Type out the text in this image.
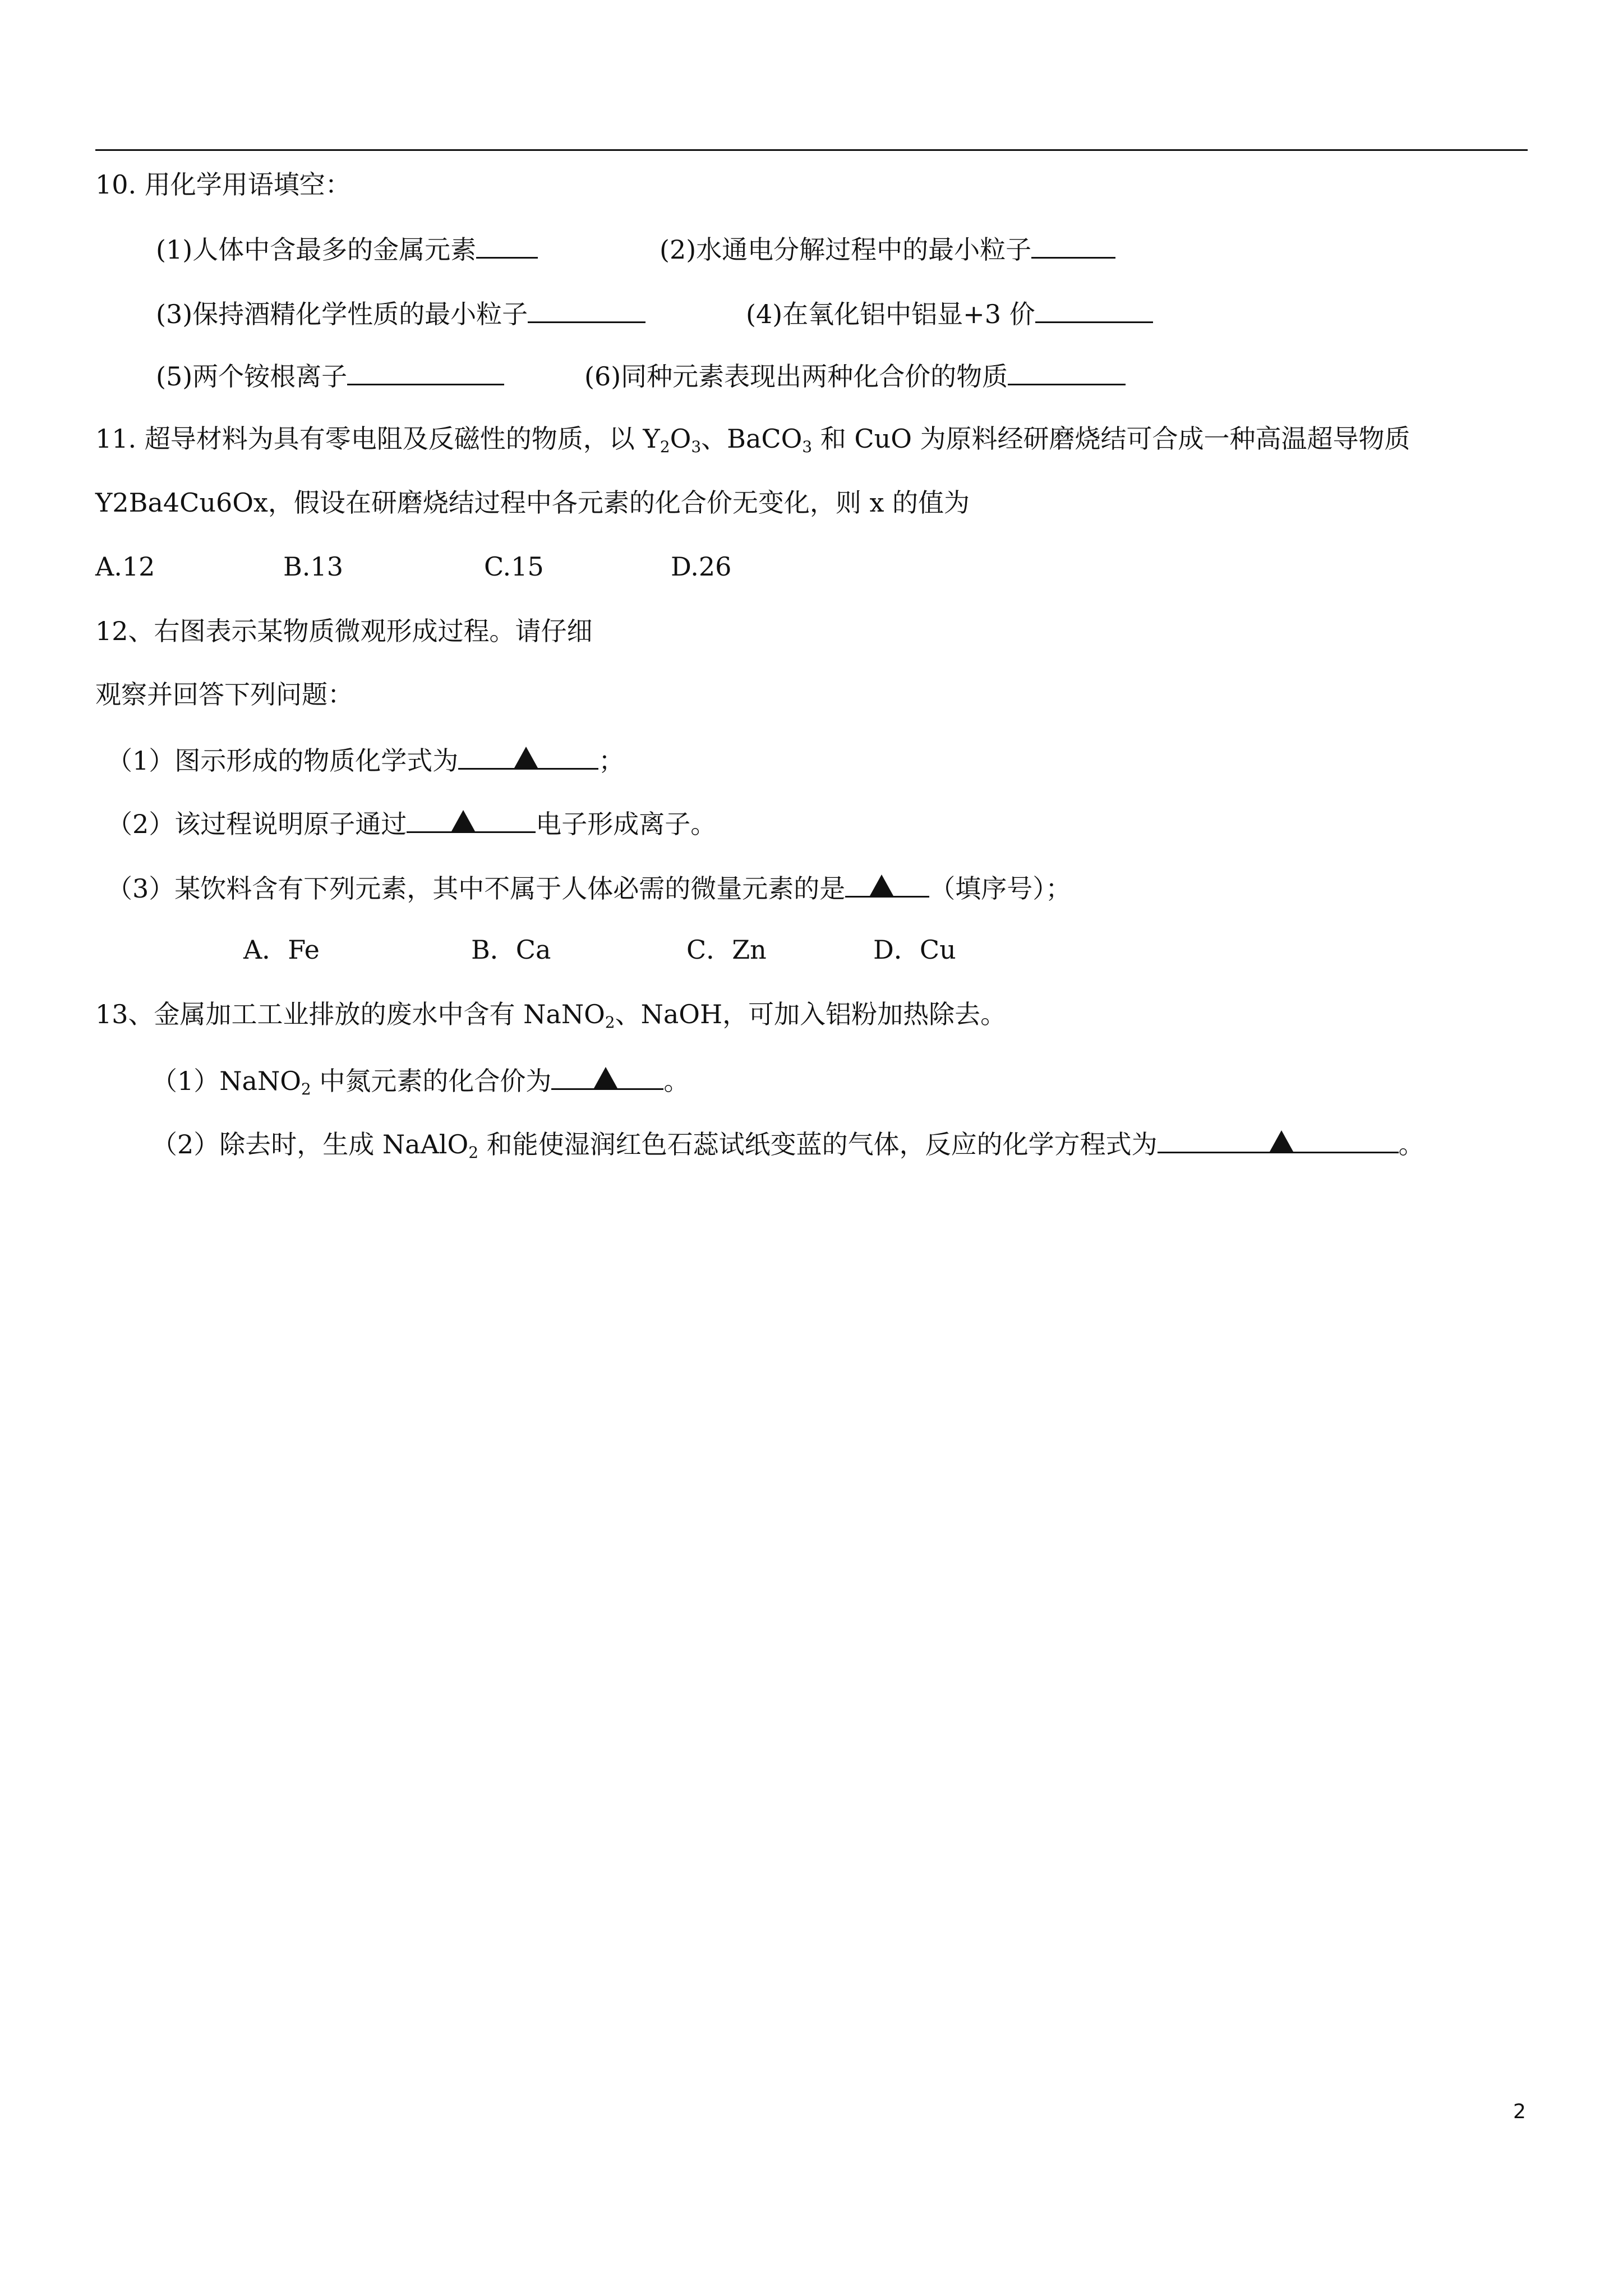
10. 用化学用语填空：
(1)人体中含最多的金属元素	(2)水通电分解过程中的最小粒子
(3)保持酒精化学性质的最小粒子	(4)在氧化铝中铝显+3 价
(5)两个铵根离子	(6)同种元素表现出两种化合价的物质
11. 超导材料为具有零电阻及反磁性的物质，以 $Y_2O_3$、BaCO$_3$ 和 CuO 为原料经研磨烧结可合成一种高温超导物质
Y2Ba4Cu6Ox，假设在研磨烧结过程中各元素的化合价无变化，则 x 的值为
A.12	B.13	C.15	D.26
12、右图表示某物质微观形成过程。请仔细
观察并回答下列问题：
（1）图示形成的物质化学式为	；
（2）该过程说明原子通过	电子形成离子。
（3）某饮料含有下列元素，其中不属于人体必需的微量元素的是	（填序号）；
A．Fe	B．Ca	C．Zn	D．Cu
13、金属加工工业排放的废水中含有 NaNO$_2$、NaOH，可加入铝粉加热除去。
（1）NaNO$_2$ 中氮元素的化合价为	。
（2）除去时，生成 NaAlO$_2$ 和能使湿润红色石蕊试纸变蓝的气体，反应的化学方程式为	。
2
